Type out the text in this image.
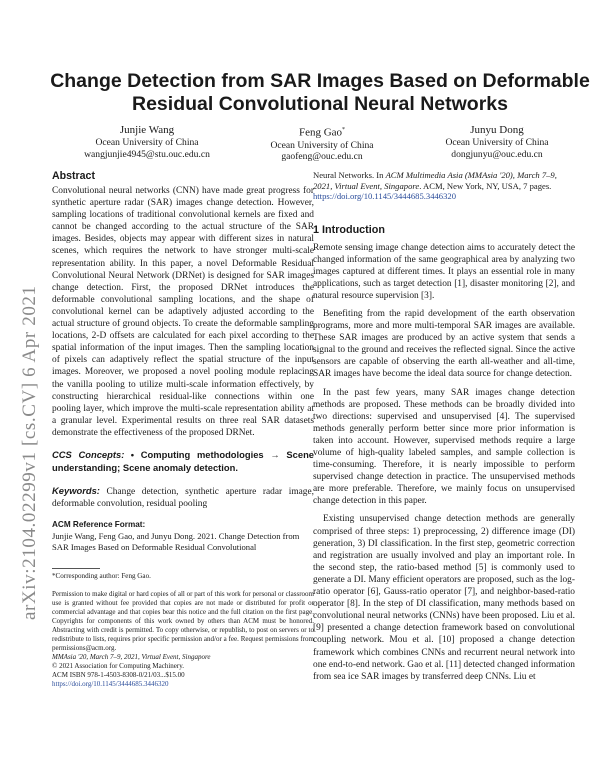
arXiv:2104.02299v1 [cs.CV] 6 Apr 2021
Change Detection from SAR Images Based on Deformable Residual Convolutional Neural Networks
Junjie Wang
Ocean University of China
wangjunjie4945@stu.ouc.edu.cn
Feng Gao*
Ocean University of China
gaofeng@ouc.edu.cn
Junyu Dong
Ocean University of China
dongjunyu@ouc.edu.cn
Abstract

Convolutional neural networks (CNN) have made great progress for synthetic aperture radar (SAR) images change detection. However, sampling locations of traditional convolutional kernels are fixed and cannot be changed according to the actual structure of the SAR images. Besides, objects may appear with different sizes in natural scenes, which requires the network to have stronger multi-scale representation ability. In this paper, a novel Deformable Residual Convolutional Neural Network (DRNet) is designed for SAR images change detection. First, the proposed DRNet introduces the deformable convolutional sampling locations, and the shape of convolutional kernel can be adaptively adjusted according to the actual structure of ground objects. To create the deformable sampling locations, 2-D offsets are calculated for each pixel according to the spatial information of the input images. Then the sampling location of pixels can adaptively reflect the spatial structure of the input images. Moreover, we proposed a novel pooling module replacing the vanilla pooling to utilize multi-scale information effectively, by constructing hierarchical residual-like connections within one pooling layer, which improve the multi-scale representation ability at a granular level. Experimental results on three real SAR datasets demonstrate the effectiveness of the proposed DRNet.

CCS Concepts: • Computing methodologies → Scene understanding; Scene anomaly detection.

Keywords: Change detection, synthetic aperture radar image, deformable convolution, residual pooling

ACM Reference Format:

Junjie Wang, Feng Gao, and Junyu Dong. 2021. Change Detection from SAR Images Based on Deformable Residual Convolutional

*Corresponding author: Feng Gao.

Permission to make digital or hard copies of all or part of this work for personal or classroom use is granted without fee provided that copies are not made or distributed for profit or commercial advantage and that copies bear this notice and the full citation on the first page. Copyrights for components of this work owned by others than ACM must be honored. Abstracting with credit is permitted. To copy otherwise, or republish, to post on servers or to redistribute to lists, requires prior specific permission and/or a fee. Request permissions from permissions@acm.org.

MMAsia '20, March 7–9, 2021, Virtual Event, Singapore

© 2021 Association for Computing Machinery.

ACM ISBN 978-1-4503-8308-0/21/03...$15.00

https://doi.org/10.1145/3444685.3446320

Neural Networks. In ACM Multimedia Asia (MMAsia '20), March 7–9, 2021, Virtual Event, Singapore. ACM, New York, NY, USA, 7 pages.
https://doi.org/10.1145/3444685.3446320

1 Introduction

Remote sensing image change detection aims to accurately detect the changed information of the same geographical area by analyzing two images captured at different times. It plays an essential role in many applications, such as target detection [1], disaster monitoring [2], and natural resource supervision [3].

Benefiting from the rapid development of the earth observation programs, more and more multi-temporal SAR images are available. These SAR images are produced by an active system that sends a signal to the ground and receives the reflected signal. Since the active sensors are capable of observing the earth all-weather and all-time, SAR images have become the ideal data source for change detection.

In the past few years, many SAR images change detection methods are proposed. These methods can be broadly divided into two directions: supervised and unsupervised [4]. The supervised methods generally perform better since more prior information is taken into account. However, supervised methods require a large volume of high-quality labeled samples, and sample collection is time-consuming. Therefore, it is nearly impossible to perform supervised change detection in practice. The unsupervised methods are more preferable. Therefore, we mainly focus on unsupervised change detection in this paper.

Existing unsupervised change detection methods are generally comprised of three steps: 1) preprocessing, 2) difference image (DI) generation, 3) DI classification. In the first step, geometric correction and registration are usually involved and play an important role. In the second step, the ratio-based method [5] is commonly used to generate a DI. Many efficient operators are proposed, such as the log-ratio operator [6], Gauss-ratio operator [7], and neighbor-based-ratio operator [8]. In the step of DI classification, many methods based on convolutional neural networks (CNNs) have been proposed. Liu et al. [9] presented a change detection framework based on convolutional coupling network. Mou et al. [10] proposed a change detection framework which combines CNNs and recurrent neural network into one end-to-end network. Gao et al. [11] detected changed information from sea ice SAR images by transferred deep CNNs. Liu et
